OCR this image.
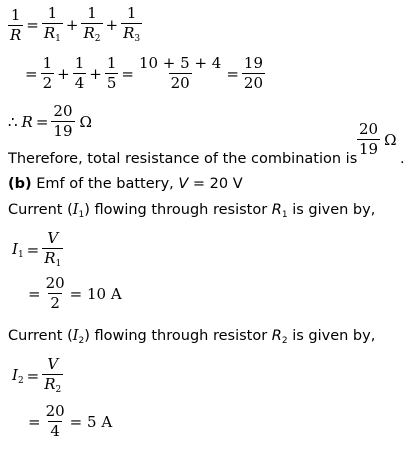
$\frac{1}{R} = \frac{1}{R_1} + \frac{1}{R_2} + \frac{1}{R_3}$
= $\frac{1}{2} + \frac{1}{4} + \frac{1}{5} = \frac{10 + 5 + 4}{20} = \frac{19}{20}$
∴ $R = \frac{20}{19}$ Ω
Therefore, total resistance of the combination is
$\frac{20}{19}$ Ω
.
(b) Emf of the battery, V = 20 V
Current $(I_1)$ flowing through resistor $R_1$ is given by,
$I_1 = \frac{V}{R_1}$
= $\frac{20}{2} = 10$ A
Current $(I_2)$ flowing through resistor $R_2$ is given by,
$I_2 = \frac{V}{R_2}$
= $\frac{20}{4} = 5$ A
